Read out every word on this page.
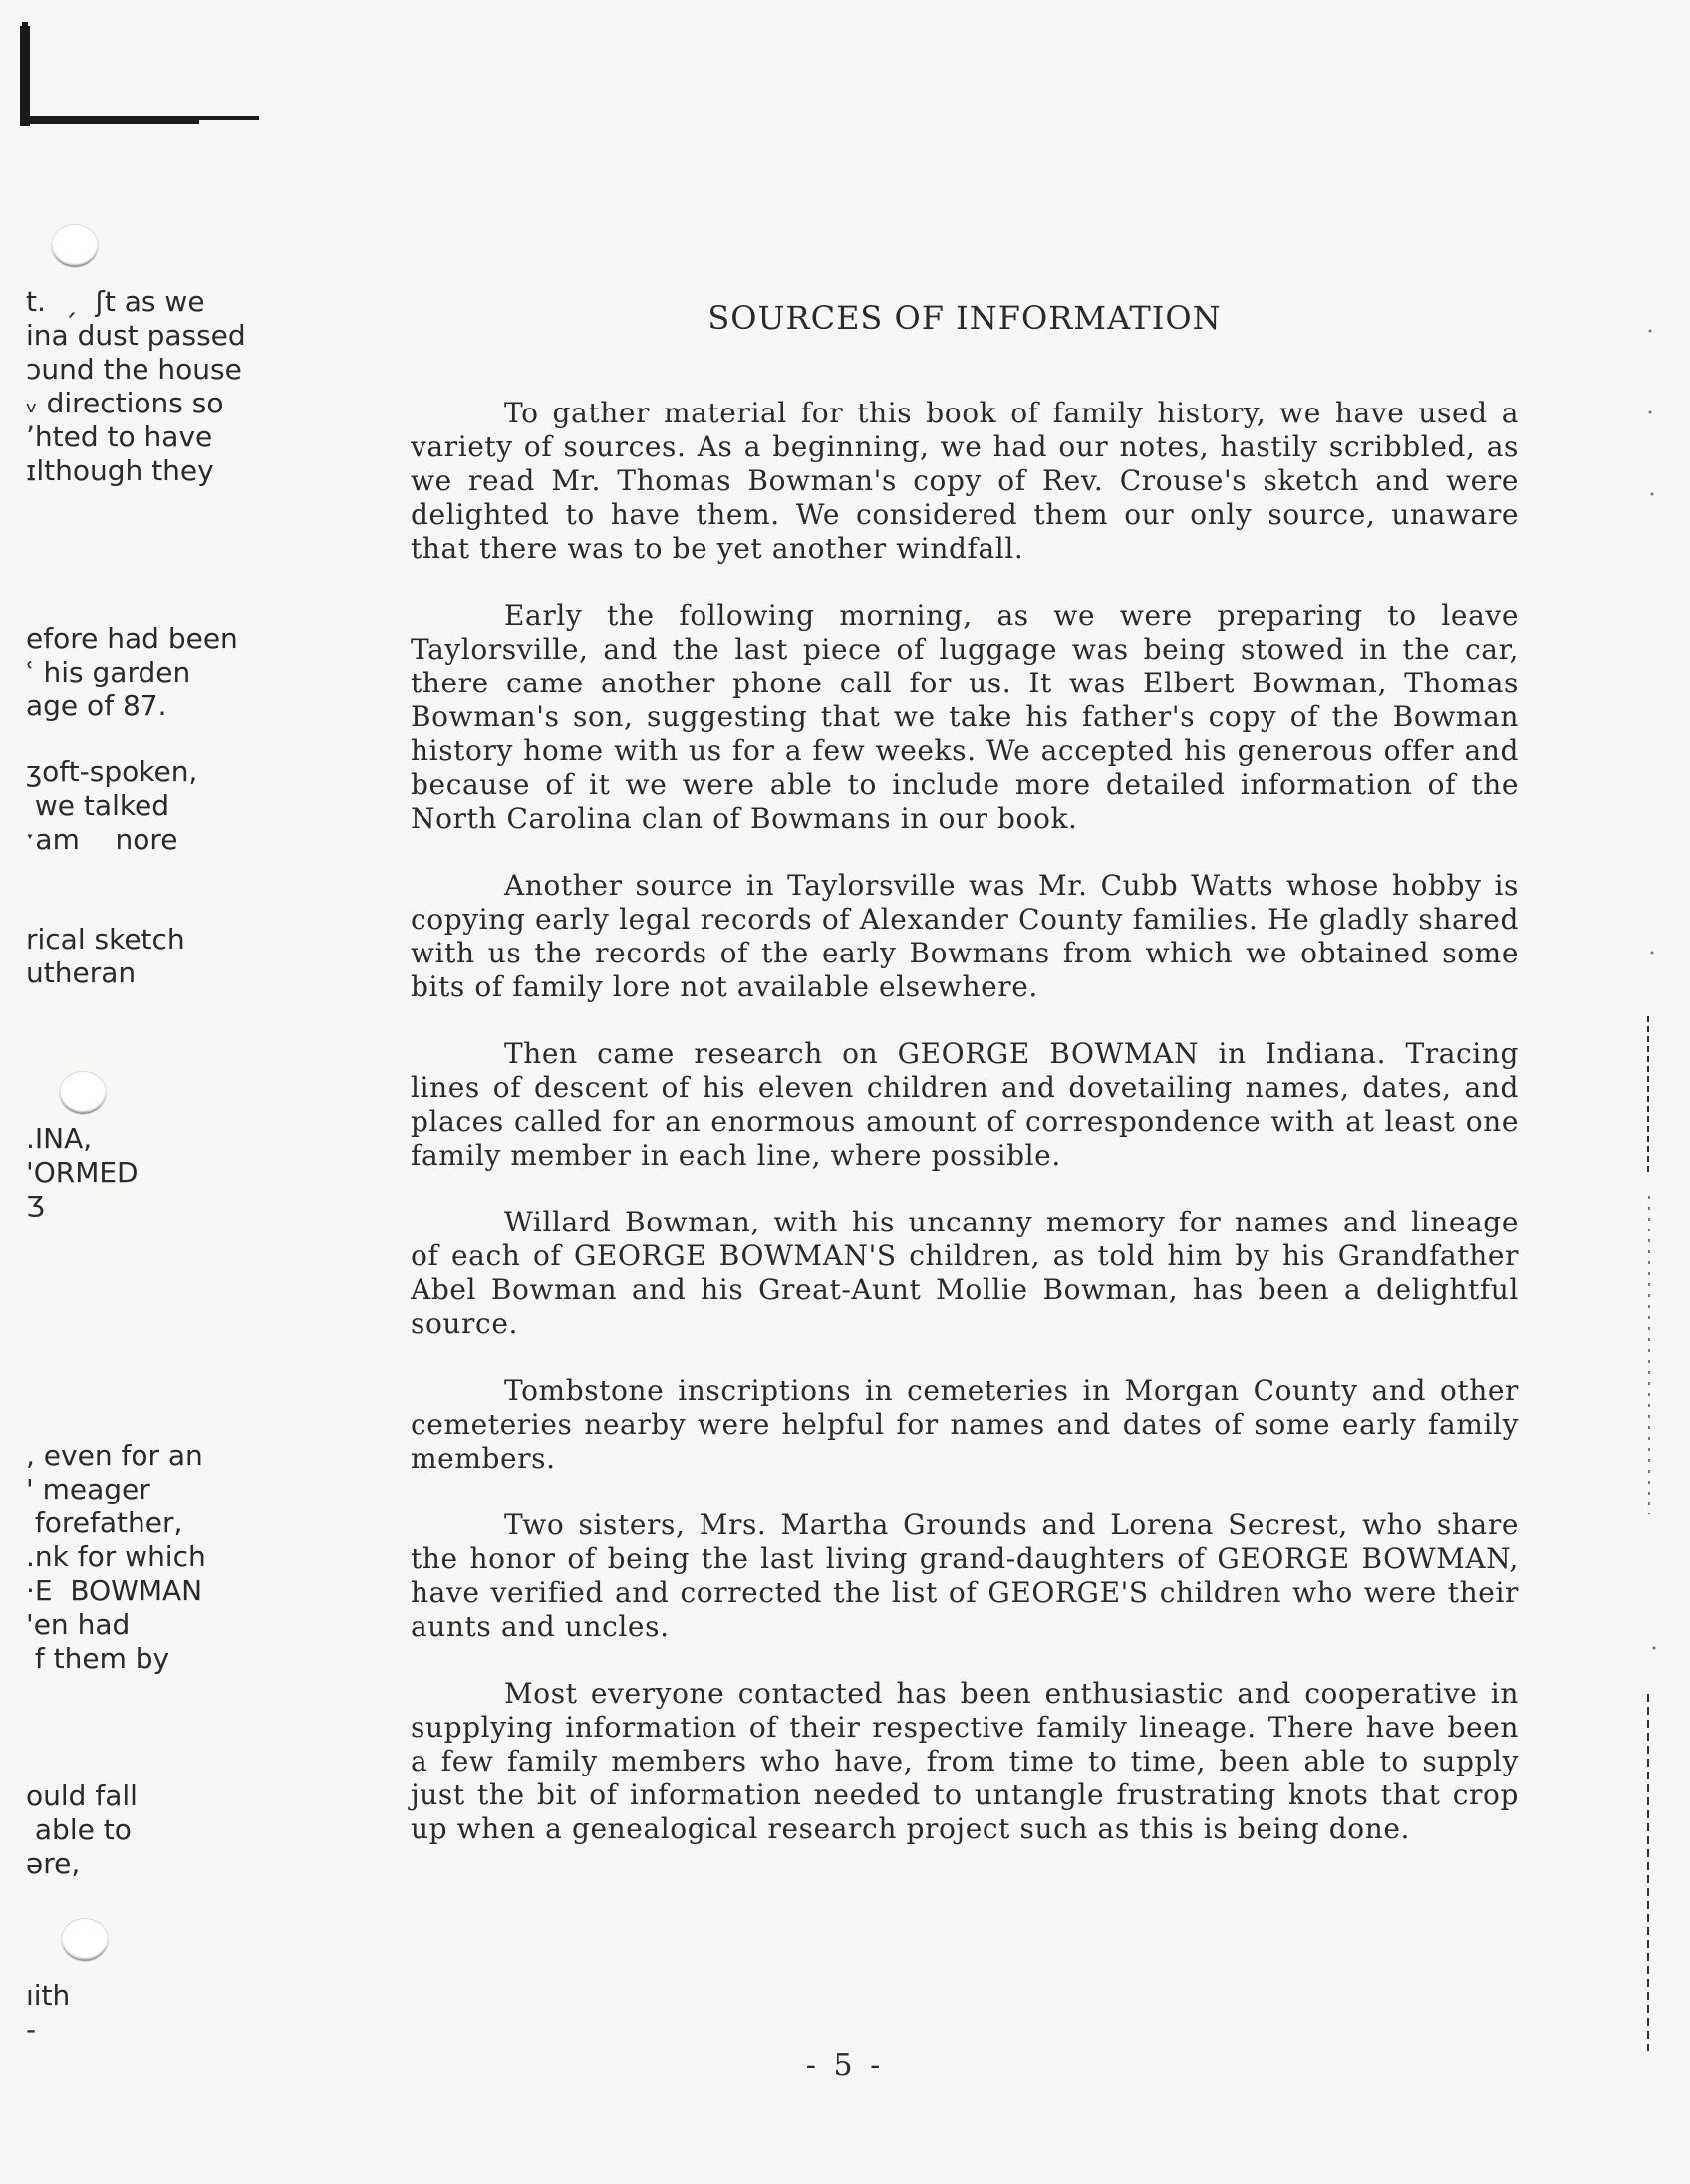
t.  ˏ  ʃt as we
ina dust passed
ɔund the house
ᵥ directions so
ʼhted to have
ɪlthough they
efore had been
ʿ his garden
age of 87.
ʒoft-spoken,
we talked
ˑam    nore
rical sketch
utheran
.INA,
'ORMED
Ʒ
, even for an
' meager
forefather,
.nk for which
·E  BOWMAN
'en had
f them by
ould fall
able to
əre,
ıith
-
SOURCES OF INFORMATION

To gather material for this book of family history, we have used a variety of sources. As a beginning, we had our notes, hastily scribbled, as we read Mr. Thomas Bowman's copy of Rev. Crouse's sketch and were delighted to have them. We considered them our only source, unaware that there was to be yet another windfall.

Early the following morning, as we were preparing to leave Taylorsville, and the last piece of luggage was being stowed in the car, there came another phone call for us. It was Elbert Bowman, Thomas Bowman's son, suggesting that we take his father's copy of the Bowman history home with us for a few weeks. We accepted his generous offer and because of it we were able to include more detailed information of the North Carolina clan of Bowmans in our book.

Another source in Taylorsville was Mr. Cubb Watts whose hobby is copying early legal records of Alexander County families. He gladly shared with us the records of the early Bowmans from which we obtained some bits of family lore not available elsewhere.

Then came research on GEORGE BOWMAN in Indiana. Tracing lines of descent of his eleven children and dovetailing names, dates, and places called for an enormous amount of correspondence with at least one family member in each line, where possible.

Willard Bowman, with his uncanny memory for names and lineage of each of GEORGE BOWMAN'S children, as told him by his Grandfather Abel Bowman and his Great-Aunt Mollie Bowman, has been a delightful source.

Tombstone inscriptions in cemeteries in Morgan County and other cemeteries nearby were helpful for names and dates of some early family members.

Two sisters, Mrs. Martha Grounds and Lorena Secrest, who share the honor of being the last living grand-daughters of GEORGE BOWMAN, have verified and corrected the list of GEORGE'S children who were their aunts and uncles.

Most everyone contacted has been enthusiastic and cooperative in supplying information of their respective family lineage. There have been a few family members who have, from time to time, been able to supply just the bit of information needed to untangle frustrating knots that crop up when a genealogical research project such as this is being done.

- 5 -
